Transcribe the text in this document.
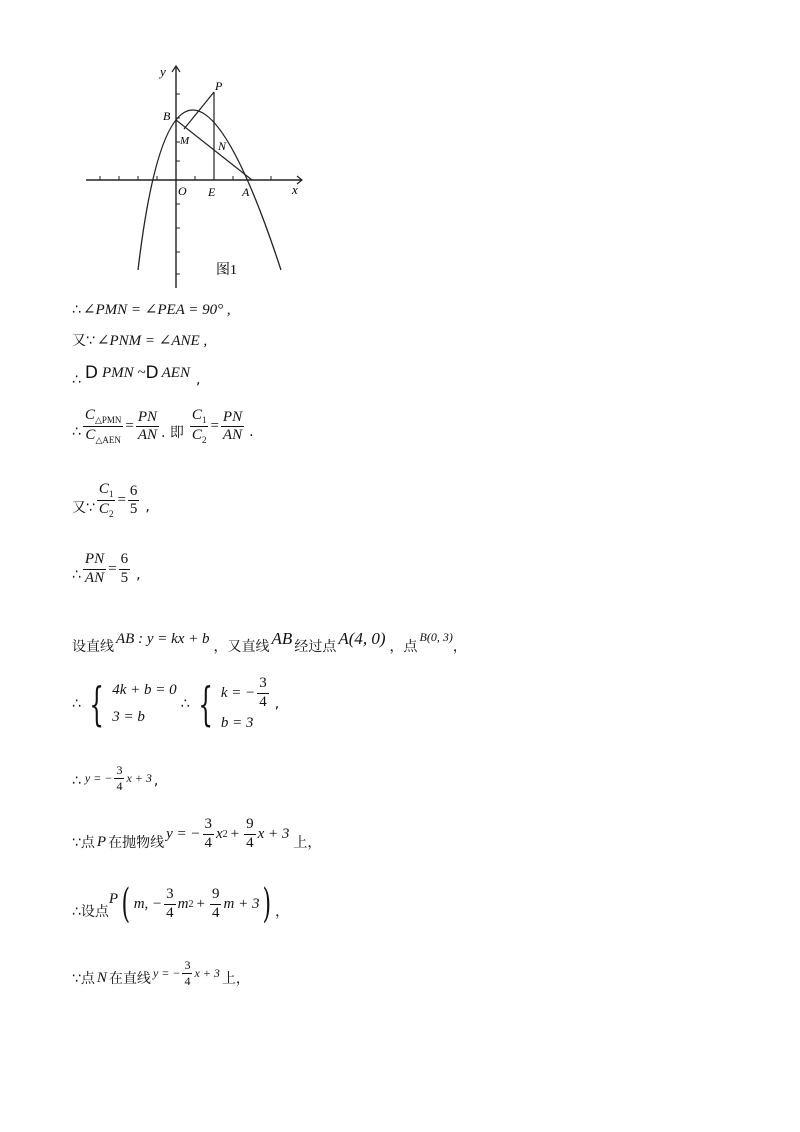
y
P
B
M N
O E A	x
图1
∴ ∠PMN = ∠PEA = 90° ,
又∵ ∠PNM = ∠ANE ,
∴ D PMN ~ D AEN ,
∴ $\frac{C_{\triangle PMN}}{C_{\triangle AEN}} = \frac{PN}{AN}$ . 即 $\frac{C_1}{C_2} = \frac{PN}{AN}$ .
又∵ $\frac{C_1}{C_2} = \frac{6}{5}$ ,
∴ $\frac{PN}{AN} = \frac{6}{5}$ ,
设直线
AB : y = kx + b
，又直线 AB 经过点 A(4, 0) ，点
B(0, 3)
，
∴ { 4k + b = 0
3 = b
∴ { k = − $\frac{3}{4}$
b = 3
,
∴ y = − $\frac{3}{4}$ x + 3 ,
∵点 P 在抛物线
y = − $\frac{3}{4}$ x $2 + \frac{9}{4}$ x + 3
上，
∴设点
P ( m, − $\frac{3}{4}$ m $2 + \frac{9}{4}$ m + 3 ) ，
∵点 N 在直线 y = − $\frac{3}{4}$ x + 3 上，
